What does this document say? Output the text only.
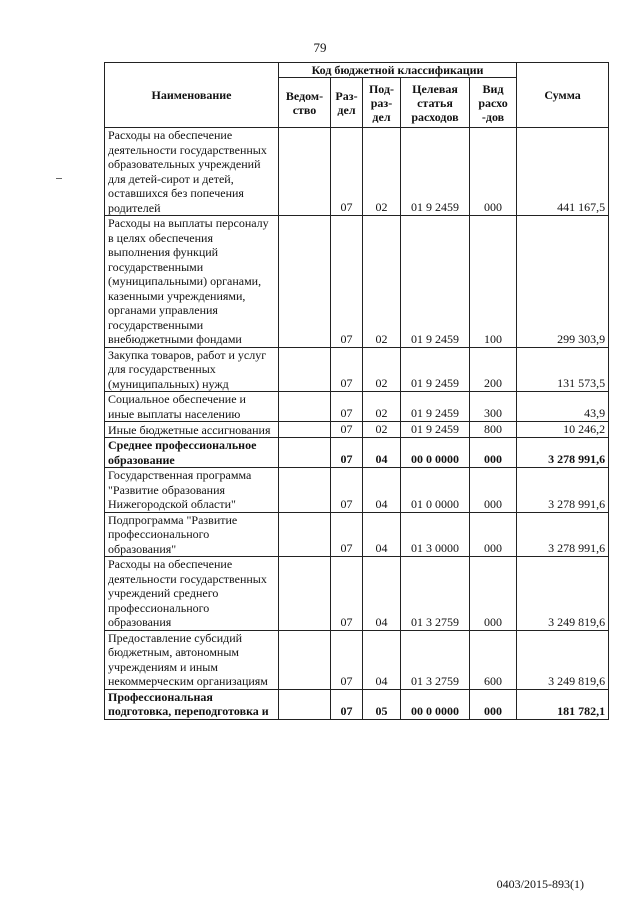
79
Наименование	Код бюджетной классификации					Сумма
	Ведом-ство	Раз-дел	Под-раз-дел	Целевая статья расходов	Вид расхо -дов	
Расходы на обеспечение деятельности государственных образовательных учреждений для детей-сирот и детей, оставшихся без попечения родителей		07	02	01 9 2459	000	441 167,5
Расходы на выплаты персоналу в целях обеспечения выполнения функций государственными (муниципальными) органами, казенными учреждениями, органами управления государственными внебюджетными фондами		07	02	01 9 2459	100	299 303,9
Закупка товаров, работ и услуг для государственных (муниципальных) нужд		07	02	01 9 2459	200	131 573,5
Социальное обеспечение и иные выплаты населению		07	02	01 9 2459	300	43,9
Иные бюджетные ассигнования		07	02	01 9 2459	800	10 246,2
Среднее профессиональное образование		07	04	00 0 0000	000	3 278 991,6
Государственная программа "Развитие образования Нижегородской области"		07	04	01 0 0000	000	3 278 991,6
Подпрограмма "Развитие профессионального образования"		07	04	01 3 0000	000	3 278 991,6
Расходы на обеспечение деятельности государственных учреждений среднего профессионального образования		07	04	01 3 2759	000	3 249 819,6
Предоставление субсидий бюджетным, автономным учреждениям и иным некоммерческим организациям		07	04	01 3 2759	600	3 249 819,6
Профессиональная подготовка, переподготовка и		07	05	00 0 0000	000	181 782,1
0403/2015-893(1)
